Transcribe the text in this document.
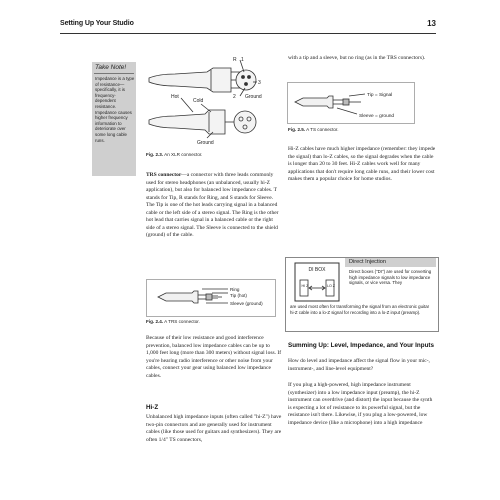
Setting Up Your Studio	13
Take Note!
Impedance is a type of resistance—specifically, it is frequency-dependent resistance. Impedance causes higher frequency information to deteriorate over some long cable runs.
R 1
3
2 Ground
Hot
Cold
Ground
Fig. 2.3. An XLR connector.

TRS connector—a connector with three leads commonly used for stereo headphones (an unbalanced, usually hi-Z application), but also for balanced low impedance cables. T stands for Tip, R stands for Ring, and S stands for Sleeve. The Tip is one of the hot leads carrying signal in a balanced cable or the left side of a stereo signal. The Ring is the other hot lead that carries signal in a balanced cable or the right side of a stereo signal. The Sleeve is connected to the shield (ground) of the cable.

Ring
Tip (hot)
Sleeve (ground)
Fig. 2.4. A TRS connector.

Because of their low resistance and good interference prevention, balanced low impedance cables can be up to 1,000 feet long (more than 300 meters) without signal loss. If you're hearing radio interference or other noise from your cables, connect your gear using balanced low impedance cables.

Hi-Z
Unbalanced high impedance inputs (often called "hi-Z") have two-pin connectors and are generally used for instrument cables (like those used for guitars and synthesizers). They are often 1/4" TS connectors,
with a tip and a sleeve, but no ring (as in the TRS connectors).
Tip = Signal
Sleeve = ground
Fig. 2.5. A TS connector.
Hi-Z cables have much higher impedance (remember: they impede the signal) than lo-Z cables, so the signal degrades when the cable is longer than 20 to 30 feet. Hi-Z cables work well for many applications that don't require long cable runs, and their lower cost makes them a popular choice for home studios.
Direct Injection
DI BOX
HI Z	LO Z
Direct boxes ("DI") are used for converting high impedance signals to low impedance signals, or vice versa. They
are used most often for transforming the signal from an electronic guitar hi-Z cable into a lo-Z signal for recording into a lo-Z input (preamp).
Summing Up: Level, Impedance, and Your Inputs
How do level and impedance affect the signal flow in your mic-, instrument-, and line-level equipment?
If you plug a high-powered, high impedance instrument (synthesizer) into a low impedance input (preamp), the hi-Z instrument can overdrive (and distort) the input because the synth is expecting a lot of resistance to its powerful signal, but the resistance isn't there. Likewise, if you plug a low-powered, low impedance device (like a microphone) into a high impedance
